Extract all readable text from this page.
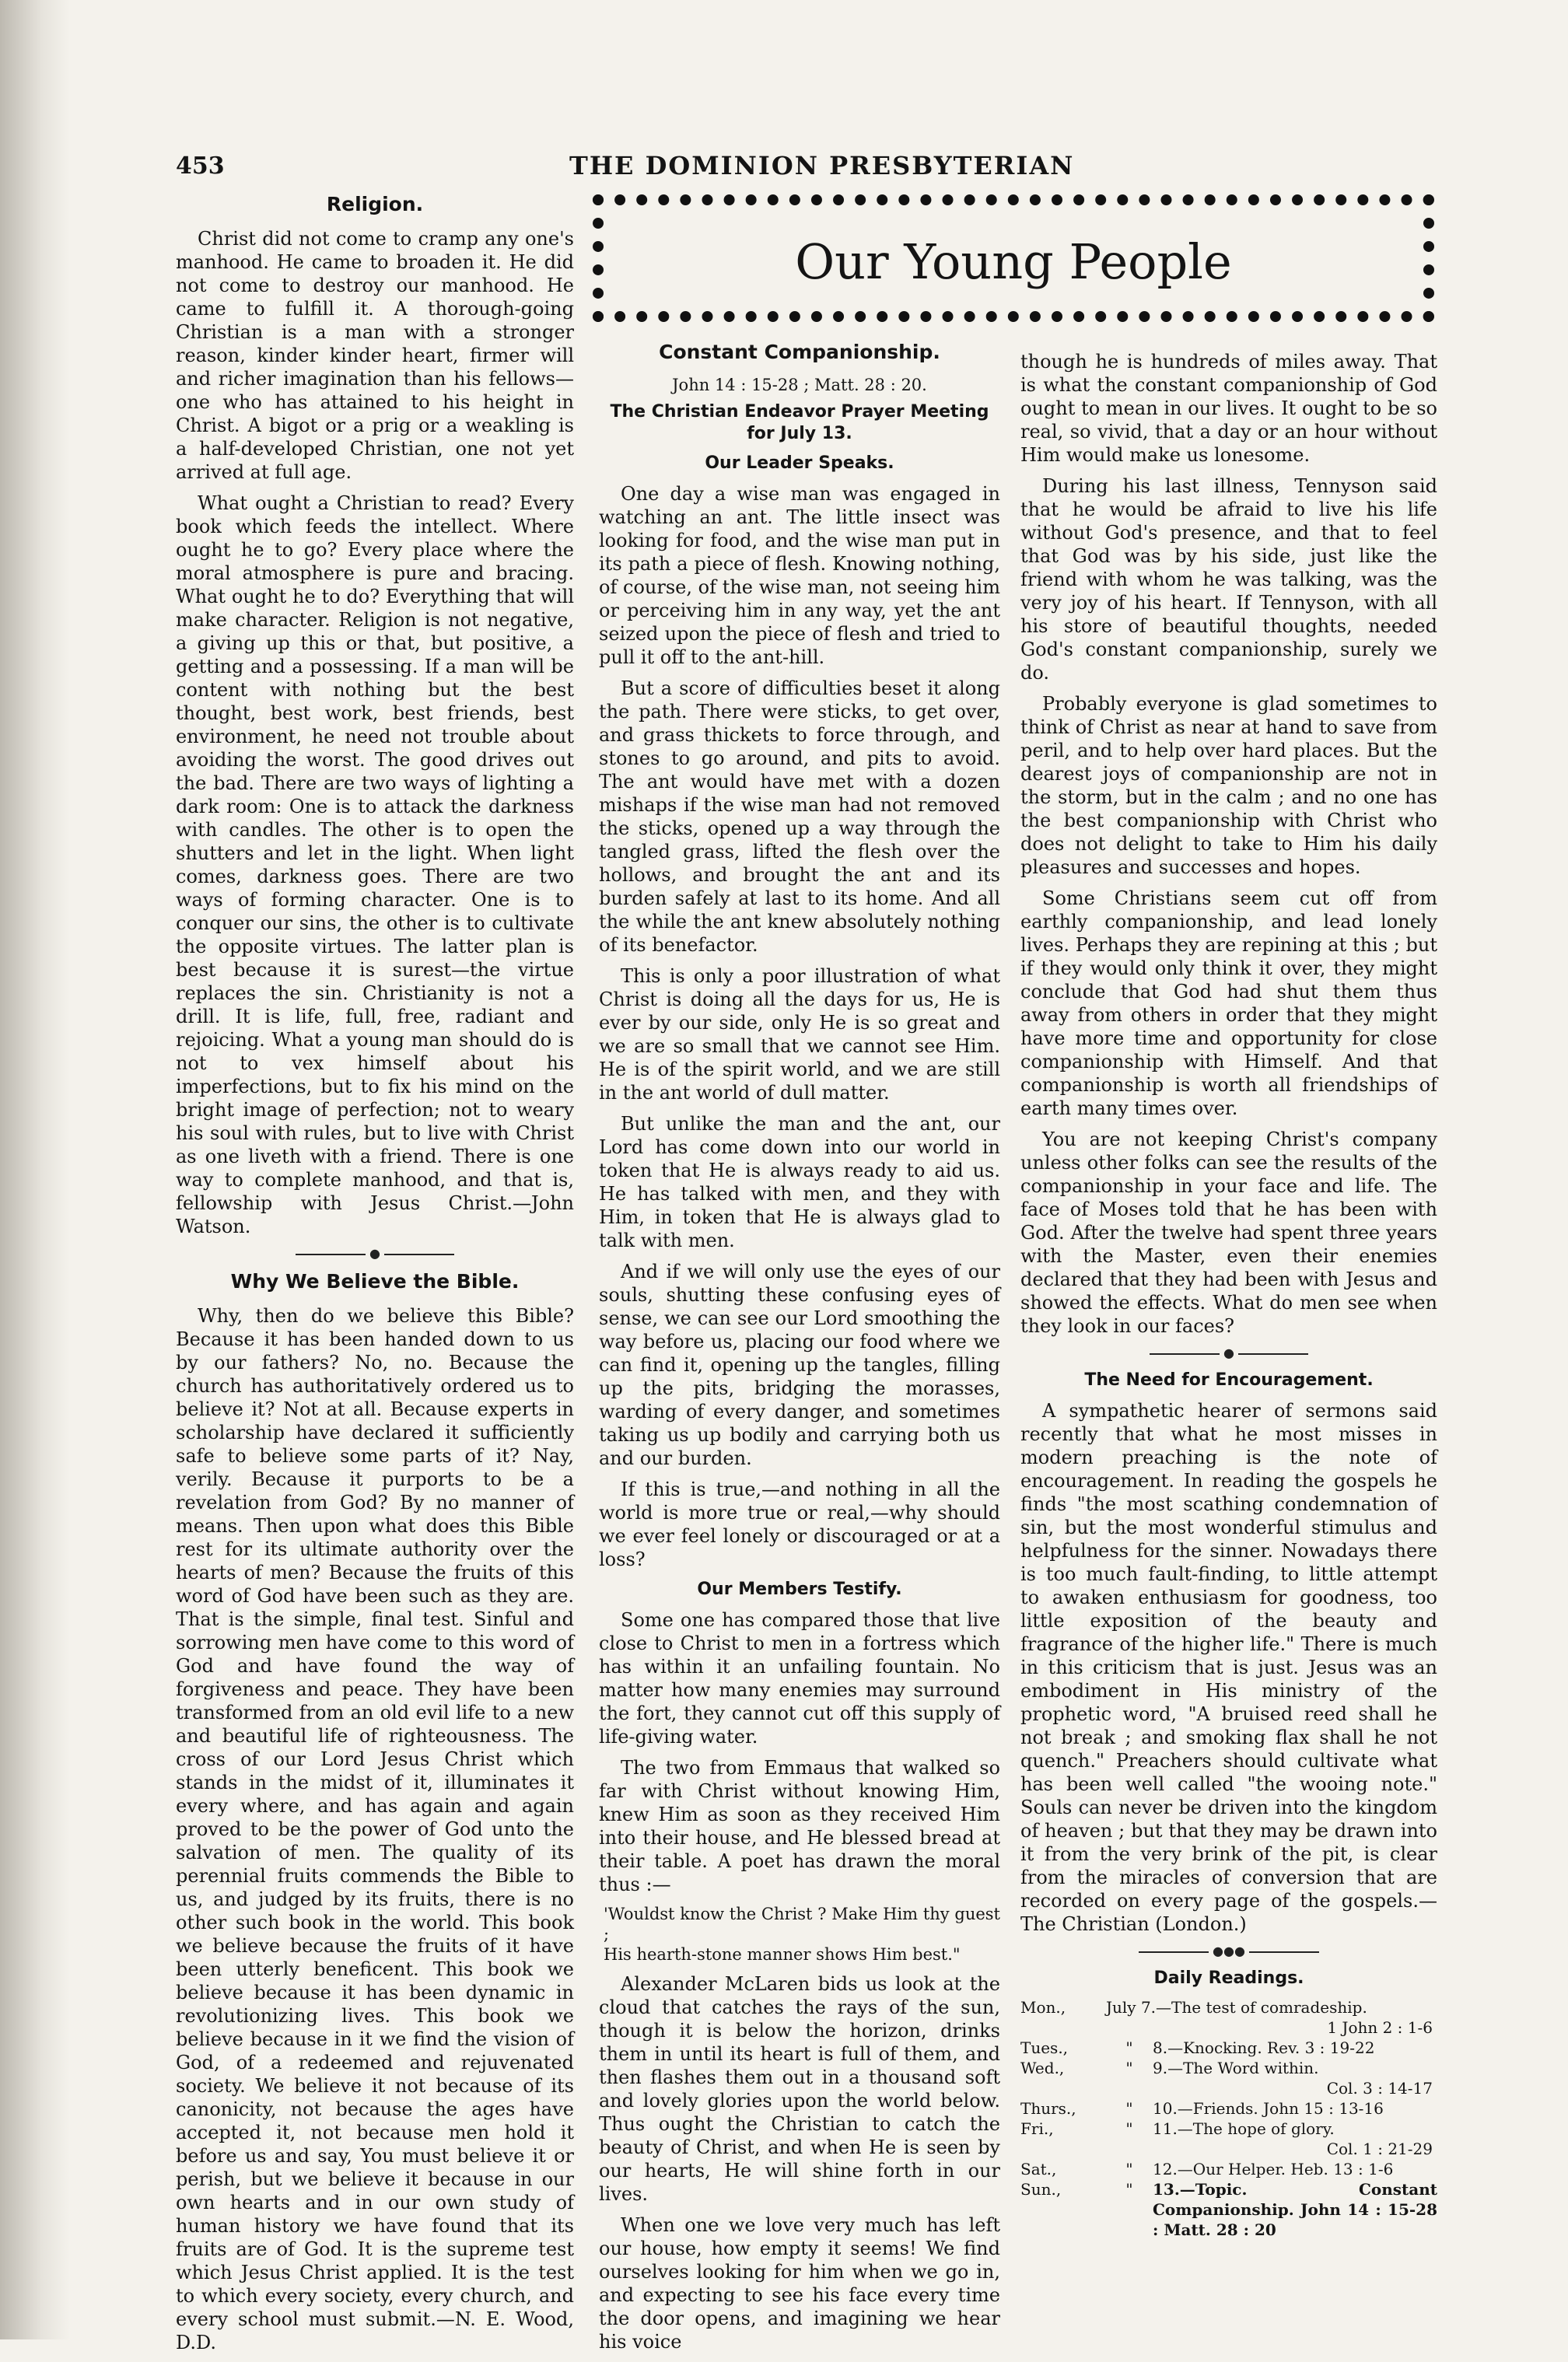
453	THE DOMINION PRESBYTERIAN
Religion.

Christ did not come to cramp any one's manhood. He came to broaden it. He did not come to destroy our manhood. He came to fulfill it. A thorough-going Christian is a man with a stronger reason, kinder kinder heart, firmer will and richer imagination than his fellows—one who has attained to his height in Christ. A bigot or a prig or a weakling is a half-developed Christian, one not yet arrived at full age.

What ought a Christian to read? Every book which feeds the intellect. Where ought he to go? Every place where the moral atmosphere is pure and bracing. What ought he to do? Everything that will make character. Religion is not negative, a giving up this or that, but positive, a getting and a possessing. If a man will be content with nothing but the best thought, best work, best friends, best environment, he need not trouble about avoiding the worst. The good drives out the bad. There are two ways of lighting a dark room: One is to attack the darkness with candles. The other is to open the shutters and let in the light. When light comes, darkness goes. There are two ways of forming character. One is to conquer our sins, the other is to cultivate the opposite virtues. The latter plan is best because it is surest—the virtue replaces the sin. Christianity is not a drill. It is life, full, free, radiant and rejoicing. What a young man should do is not to vex himself about his imperfections, but to fix his mind on the bright image of perfection; not to weary his soul with rules, but to live with Christ as one liveth with a friend. There is one way to complete manhood, and that is, fellowship with Jesus Christ.—John Watson.

●
Why We Believe the Bible.

Why, then do we believe this Bible? Because it has been handed down to us by our fathers? No, no. Because the church has authoritatively ordered us to believe it? Not at all. Because experts in scholarship have declared it sufficiently safe to believe some parts of it? Nay, verily. Because it purports to be a revelation from God? By no manner of means. Then upon what does this Bible rest for its ultimate authority over the hearts of men? Because the fruits of this word of God have been such as they are. That is the simple, final test. Sinful and sorrowing men have come to this word of God and have found the way of forgiveness and peace. They have been transformed from an old evil life to a new and beautiful life of righteousness. The cross of our Lord Jesus Christ which stands in the midst of it, illuminates it every where, and has again and again proved to be the power of God unto the salvation of men. The quality of its perennial fruits commends the Bible to us, and judged by its fruits, there is no other such book in the world. This book we believe because the fruits of it have been utterly beneficent. This book we believe because it has been dynamic in revolutionizing lives. This book we believe because in it we find the vision of God, of a redeemed and rejuvenated society. We believe it not because of its canonicity, not because the ages have accepted it, not because men hold it before us and say, You must believe it or perish, but we believe it because in our own hearts and in our own study of human history we have found that its fruits are of God. It is the supreme test which Jesus Christ applied. It is the test to which every society, every church, and every school must submit.—N. E. Wood, D.D.

Our Young People
Constant Companionship.
John 14 : 15-28 ; Matt. 28 : 20.
The Christian Endeavor Prayer Meeting for July 13.
Our Leader Speaks.

One day a wise man was engaged in watching an ant. The little insect was looking for food, and the wise man put in its path a piece of flesh. Knowing nothing, of course, of the wise man, not seeing him or perceiving him in any way, yet the ant seized upon the piece of flesh and tried to pull it off to the ant-hill.

But a score of difficulties beset it along the path. There were sticks, to get over, and grass thickets to force through, and stones to go around, and pits to avoid. The ant would have met with a dozen mishaps if the wise man had not removed the sticks, opened up a way through the tangled grass, lifted the flesh over the hollows, and brought the ant and its burden safely at last to its home. And all the while the ant knew absolutely nothing of its benefactor.

This is only a poor illustration of what Christ is doing all the days for us, He is ever by our side, only He is so great and we are so small that we cannot see Him. He is of the spirit world, and we are still in the ant world of dull matter.

But unlike the man and the ant, our Lord has come down into our world in token that He is always ready to aid us. He has talked with men, and they with Him, in token that He is always glad to talk with men.

And if we will only use the eyes of our souls, shutting these confusing eyes of sense, we can see our Lord smoothing the way before us, placing our food where we can find it, opening up the tangles, filling up the pits, bridging the morasses, warding of every danger, and sometimes taking us up bodily and carrying both us and our burden.

If this is true,—and nothing in all the world is more true or real,—why should we ever feel lonely or discouraged or at a loss?

Our Members Testify.

Some one has compared those that live close to Christ to men in a fortress which has within it an unfailing fountain. No matter how many enemies may surround the fort, they cannot cut off this supply of life-giving water.

The two from Emmaus that walked so far with Christ without knowing Him, knew Him as soon as they received Him into their house, and He blessed bread at their table. A poet has drawn the moral thus :—

'Wouldst know the Christ ? Make Him thy guest ;
His hearth-stone manner shows Him best."

Alexander McLaren bids us look at the cloud that catches the rays of the sun, though it is below the horizon, drinks them in until its heart is full of them, and then flashes them out in a thousand soft and lovely glories upon the world below. Thus ought the Christian to catch the beauty of Christ, and when He is seen by our hearts, He will shine forth in our lives.

When one we love very much has left our house, how empty it seems! We find ourselves looking for him when we go in, and expecting to see his face every time the door opens, and imagining we hear his voice

though he is hundreds of miles away. That is what the constant companionship of God ought to mean in our lives. It ought to be so real, so vivid, that a day or an hour without Him would make us lonesome.

During his last illness, Tennyson said that he would be afraid to live his life without God's presence, and that to feel that God was by his side, just like the friend with whom he was talking, was the very joy of his heart. If Tennyson, with all his store of beautiful thoughts, needed God's constant companionship, surely we do.

Probably everyone is glad sometimes to think of Christ as near at hand to save from peril, and to help over hard places. But the dearest joys of companionship are not in the storm, but in the calm ; and no one has the best companionship with Christ who does not delight to take to Him his daily pleasures and successes and hopes.

Some Christians seem cut off from earthly companionship, and lead lonely lives. Perhaps they are repining at this ; but if they would only think it over, they might conclude that God had shut them thus away from others in order that they might have more time and opportunity for close companionship with Himself. And that companionship is worth all friendships of earth many times over.

You are not keeping Christ's company unless other folks can see the results of the companionship in your face and life. The face of Moses told that he has been with God. After the twelve had spent three years with the Master, even their enemies declared that they had been with Jesus and showed the effects. What do men see when they look in our faces?

●
The Need for Encouragement.

A sympathetic hearer of sermons said recently that what he most misses in modern preaching is the note of encouragement. In reading the gospels he finds "the most scathing condemnation of sin, but the most wonderful stimulus and helpfulness for the sinner. Nowadays there is too much fault-finding, to little attempt to awaken enthusiasm for goodness, too little exposition of the beauty and fragrance of the higher life." There is much in this criticism that is just. Jesus was an embodiment in His ministry of the prophetic word, "A bruised reed shall he not break ; and smoking flax shall he not quench." Preachers should cultivate what has been well called "the wooing note." Souls can never be driven into the kingdom of heaven ; but that they may be drawn into it from the very brink of the pit, is clear from the miracles of conversion that are recorded on every page of the gospels.—The Christian (London.)

●●●
Daily Readings.
Mon.,	July 7.—The test of comradeship.
1 John 2 : 1-6
Tues.,	"	8.—Knocking. Rev. 3 : 19-22
Wed.,	"	9.—The Word within.
Col. 3 : 14-17
Thurs.,	"	10.—Friends. John 15 : 13-16
Fri.,	"	11.—The hope of glory.
Col. 1 : 21-29
Sat.,	"	12.—Our Helper. Heb. 13 : 1-6
Sun.,	"	13.—Topic. Constant Companionship. John 14 : 15-28 : Matt. 28 : 20
